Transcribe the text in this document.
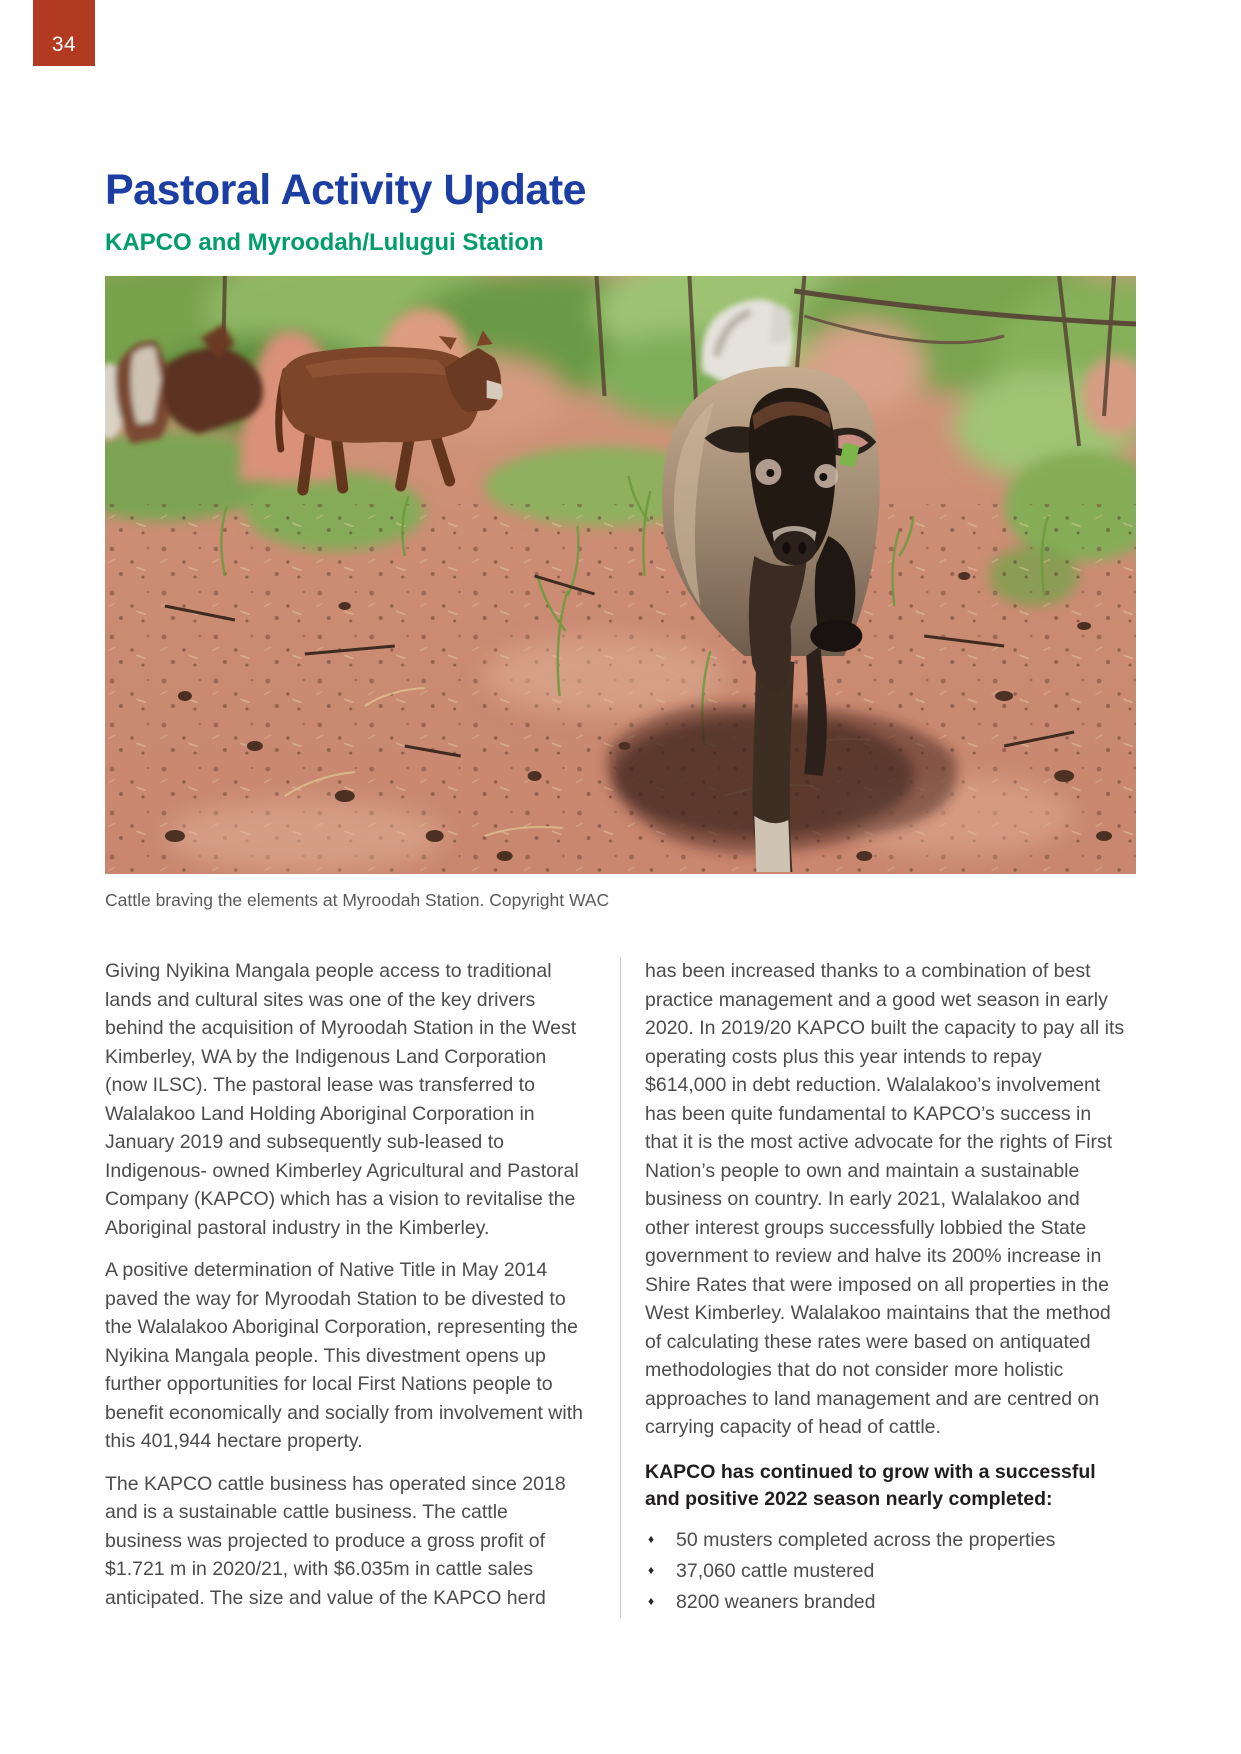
34
Pastoral Activity Update
KAPCO and Myroodah/Lulugui Station
Cattle braving the elements at Myroodah Station. Copyright WAC

Giving Nyikina Mangala people access to traditional lands and cultural sites was one of the key drivers behind the acquisition of Myroodah Station in the West Kimberley, WA by the Indigenous Land Corporation (now ILSC). The pastoral lease was transferred to Walalakoo Land Holding Aboriginal Corporation in January 2019 and subsequently sub-leased to Indigenous- owned Kimberley Agricultural and Pastoral Company (KAPCO) which has a vision to revitalise the Aboriginal pastoral industry in the Kimberley.

A positive determination of Native Title in May 2014 paved the way for Myroodah Station to be divested to the Walalakoo Aboriginal Corporation, representing the Nyikina Mangala people. This divestment opens up further opportunities for local First Nations people to benefit economically and socially from involvement with this 401,944 hectare property.

The KAPCO cattle business has operated since 2018 and is a sustainable cattle business. The cattle business was projected to produce a gross profit of $1.721 m in 2020/21, with $6.035m in cattle sales anticipated. The size and value of the KAPCO herd

has been increased thanks to a combination of best practice management and a good wet season in early 2020. In 2019/20 KAPCO built the capacity to pay all its operating costs plus this year intends to repay $614,000 in debt reduction. Walalakoo’s involvement has been quite fundamental to KAPCO’s success in that it is the most active advocate for the rights of First Nation’s people to own and maintain a sustainable business on country. In early 2021, Walalakoo and other interest groups successfully lobbied the State government to review and halve its 200% increase in Shire Rates that were imposed on all properties in the West Kimberley. Walalakoo maintains that the method of calculating these rates were based on antiquated methodologies that do not consider more holistic approaches to land management and are centred on carrying capacity of head of cattle.

KAPCO has continued to grow with a successful and positive 2022 season nearly completed:
♦ 50 musters completed across the properties
♦ 37,060 cattle mustered
♦ 8200 weaners branded
